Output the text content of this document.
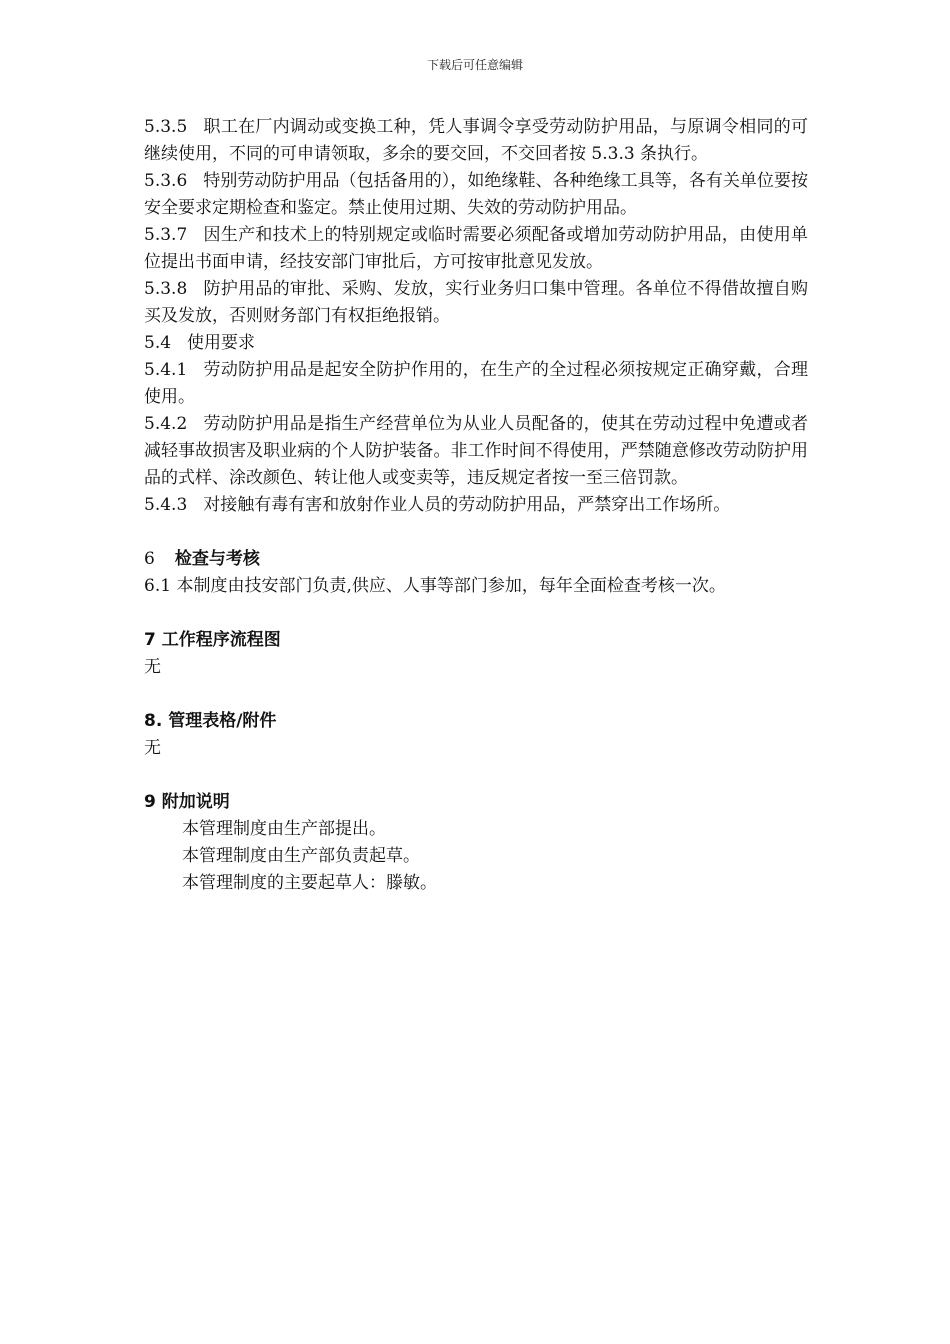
下载后可任意编辑

5.3.5 职工在厂内调动或变换工种，凭人事调令享受劳动防护用品，与原调令相同的可继续使用，不同的可申请领取，多余的要交回，不交回者按 5.3.3 条执行。

5.3.6 特别劳动防护用品（包括备用的），如绝缘鞋、各种绝缘工具等，各有关单位要按安全要求定期检查和鉴定。禁止使用过期、失效的劳动防护用品。

5.3.7 因生产和技术上的特别规定或临时需要必须配备或增加劳动防护用品，由使用单位提出书面申请，经技安部门审批后，方可按审批意见发放。

5.3.8 防护用品的审批、采购、发放，实行业务归口集中管理。各单位不得借故擅自购买及发放，否则财务部门有权拒绝报销。

5.4 使用要求

5.4.1 劳动防护用品是起安全防护作用的，在生产的全过程必须按规定正确穿戴，合理使用。

5.4.2 劳动防护用品是指生产经营单位为从业人员配备的，使其在劳动过程中免遭或者减轻事故损害及职业病的个人防护装备。非工作时间不得使用，严禁随意修改劳动防护用品的式样、涂改颜色、转让他人或变卖等，违反规定者按一至三倍罚款。

5.4.3 对接触有毒有害和放射作业人员的劳动防护用品，严禁穿出工作场所。

6 检查与考核

6.1 本制度由技安部门负责,供应、人事等部门参加，每年全面检查考核一次。

7 工作程序流程图

无

8. 管理表格/附件

无

9 附加说明

本管理制度由生产部提出。

本管理制度由生产部负责起草。

本管理制度的主要起草人：滕敏。
